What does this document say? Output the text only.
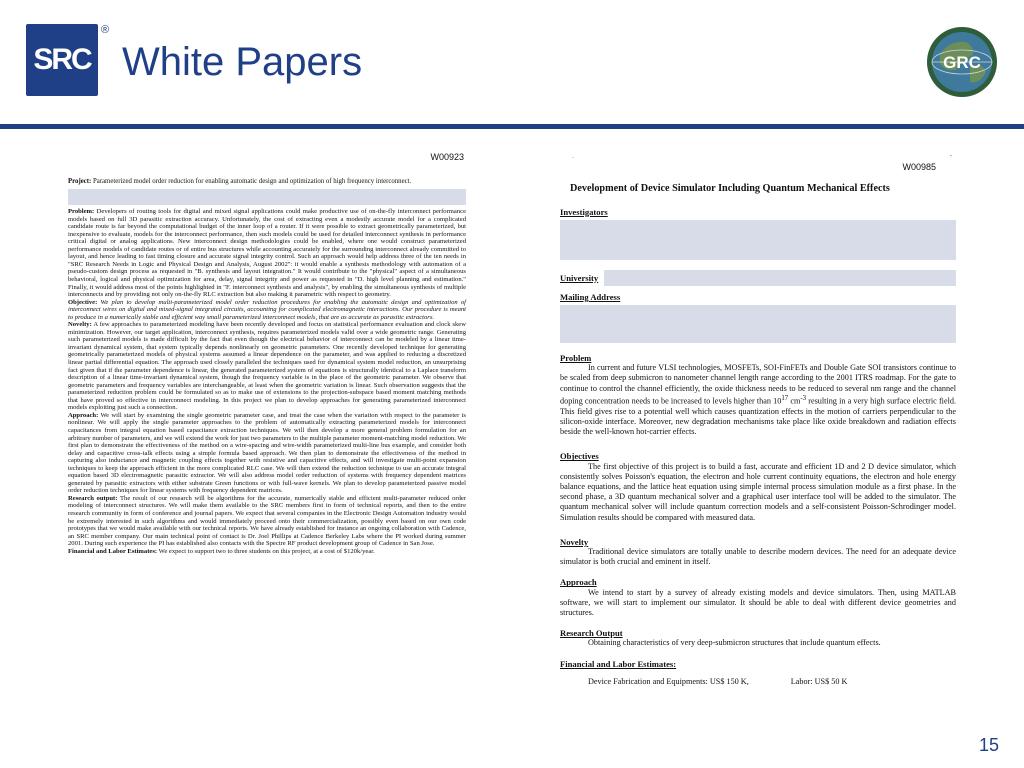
SRC
®
White Papers	GRC
W00923

Project: Parameterized model order reduction for enabling automatic design and optimization of high frequency interconnect.

Problem: Developers of routing tools for digital and mixed signal applications could make productive use of on-the-fly interconnect performance models based on full 3D parasitic extraction accuracy. Unfortunately, the cost of extracting even a modestly accurate model for a complicated candidate route is far beyond the computational budget of the inner loop of a router. If it were possible to extract geometrically parameterized, but inexpensive to evaluate, models for the interconnect performance, then such models could be used for detailed interconnect synthesis in performance critical digital or analog applications. New interconnect design methodologies could be enabled, where one would construct parameterized performance models of candidate routes or of entire bus structures while accounting accurately for the surrounding interconnect already committed to layout, and hence leading to fast timing closure and accurate signal integrity control. Such an approach would help address three of the ten needs in "SRC Research Needs in Logic and Physical Design and Analysis, August 2002": it would enable a synthesis methodology with automation of a pseudo-custom design process as requested in "B. synthesis and layout integration." It would contribute to the "physical" aspect of a simultaneous behavioral, logical and physical optimization for area, delay, signal integrity and power as requested in "D. high level planning and estimation." Finally, it would address most of the points highlighted in "F. interconnect synthesis and analysis", by enabling the simultaneous synthesis of multiple interconnects and by providing not only on-the-fly RLC extraction but also making it parametric with respect to geometry.

Objective: We plan to develop multi-parameterized model order reduction procedures for enabling the automatic design and optimization of interconnect wires on digital and mixed-signal integrated circuits, accounting for complicated electromagnetic interactions. Our procedure is meant to produce in a numerically stable and efficient way small parameterized interconnect models, that are as accurate as parasitic extractors.

Novelty: A few approaches to parameterized modeling have been recently developed and focus on statistical performance evaluation and clock skew minimization. However, our target application, interconnect synthesis, requires parameterized models valid over a wide geometric range. Generating such parameterized models is made difficult by the fact that even though the electrical behavior of interconnect can be modeled by a linear time-invariant dynamical system, that system typically depends nonlinearly on geometric parameters. One recently developed technique for generating geometrically parameterized models of physical systems assumed a linear dependence on the parameter, and was applied to reducing a discretized linear partial differential equation. The approach used closely paralleled the techniques used for dynamical system model reduction, an unsurprising fact given that if the parameter dependence is linear, the generated parameterized system of equations is structurally identical to a Laplace transform description of a linear time-invariant dynamical system, though the frequency variable is in the place of the geometric parameter. We observe that geometric parameters and frequency variables are interchangeable, at least when the geometric variation is linear. Such observation suggests that the parameterized reduction problem could be formulated so as to make use of extensions to the projection-subspace based moment matching methods that have proved so effective in interconnect modeling. In this project we plan to develop approaches for generating parameterized interconnect models exploiting just such a connection.

Approach: We will start by examining the single geometric parameter case, and treat the case when the variation with respect to the parameter is nonlinear. We will apply the single parameter approaches to the problem of automatically extracting parameterized models for interconnect capacitances from integral equation based capacitance extraction techniques. We will then develop a more general problem formulation for an arbitrary number of parameters, and we will extend the work for just two parameters to the multiple parameter moment-matching model reduction. We first plan to demonstrate the effectiveness of the method on a wire-spacing and wire-width parameterized multi-line bus example, and consider both delay and capacitive cross-talk effects using a simple formula based approach. We then plan to demonstrate the effectiveness of the method in capturing also inductance and magnetic coupling effects together with resistive and capacitive effects, and will investigate multi-point expansion techniques to keep the approach efficient in the more complicated RLC case. We will then extend the reduction technique to use an accurate integral equation based 3D electromagnetic parasitic extractor. We will also address model order reduction of systems with frequency dependent matrices generated by parasitic extractors with either substrate Green functions or with full-wave kernels. We plan to develop parameterized passive model order reduction techniques for linear systems with frequency dependent matrices.

Research output: The result of our research will be algorithms for the accurate, numerically stable and efficient multi-parameter reduced order modeling of interconnect structures. We will make them available to the SRC members first in form of technical reports, and then to the entire research community in form of conference and journal papers. We expect that several companies in the Electronic Design Automation industry would be extremely interested in such algorithms and would immediately proceed onto their commercialization, possibly even based on our own code prototypes that we would make available with our technical reports. We have already established for instance an ongoing collaboration with Cadence, an SRC member company. Our main technical point of contact is Dr. Joel Phillips at Cadence Berkeley Labs where the PI worked during summer 2001. During such experience the PI has established also contacts with the Spectre RF product development group of Cadence in San Jose.

Financial and Labor Estimates: We expect to support two to three students on this project, at a cost of $120k/year.

.	-
W00985
Development of Device Simulator Including Quantum Mechanical Effects
Investigators
University
Mailing Address
Problem

In current and future VLSI technologies, MOSFETs, SOI-FinFETs and Double Gate SOI transistors continue to be scaled from deep submicron to nanometer channel length range according to the 2001 ITRS roadmap. For the gate to continue to control the channel efficiently, the oxide thickness needs to be reduced to several nm range and the channel doping concentration needs to be increased to levels higher than $10^{17}$ $cm^{-3}$ resulting in a very high surface electric field. This field gives rise to a potential well which causes quantization effects in the motion of carriers perpendicular to the silicon-oxide interface. Moreover, new degradation mechanisms take place like oxide breakdown and radiation effects beside the well-known hot-carrier effects.

Objectives

The first objective of this project is to build a fast, accurate and efficient 1D and 2 D device simulator, which consistently solves Poisson's equation, the electron and hole current continuity equations, the electron and hole energy balance equations, and the lattice heat equation using simple internal process simulation module as a first phase. In the second phase, a 3D quantum mechanical solver and a graphical user interface tool will be added to the simulator. The quantum mechanical solver will include quantum correction models and a self-consistent Poisson-Schrodinger model. Simulation results should be compared with measured data.

Novelty

Traditional device simulators are totally unable to describe modern devices. The need for an adequate device simulator is both crucial and eminent in itself.

Approach

We intend to start by a survey of already existing models and device simulators. Then, using MATLAB software, we will start to implement our simulator. It should be able to deal with different device geometries and structures.

Research Output

Obtaining characteristics of very deep-submicron structures that include quantum effects.

Financial and Labor Estimates:
Device Fabrication and Equipments: US$ 150 K,	Labor: US$ 50 K
15
